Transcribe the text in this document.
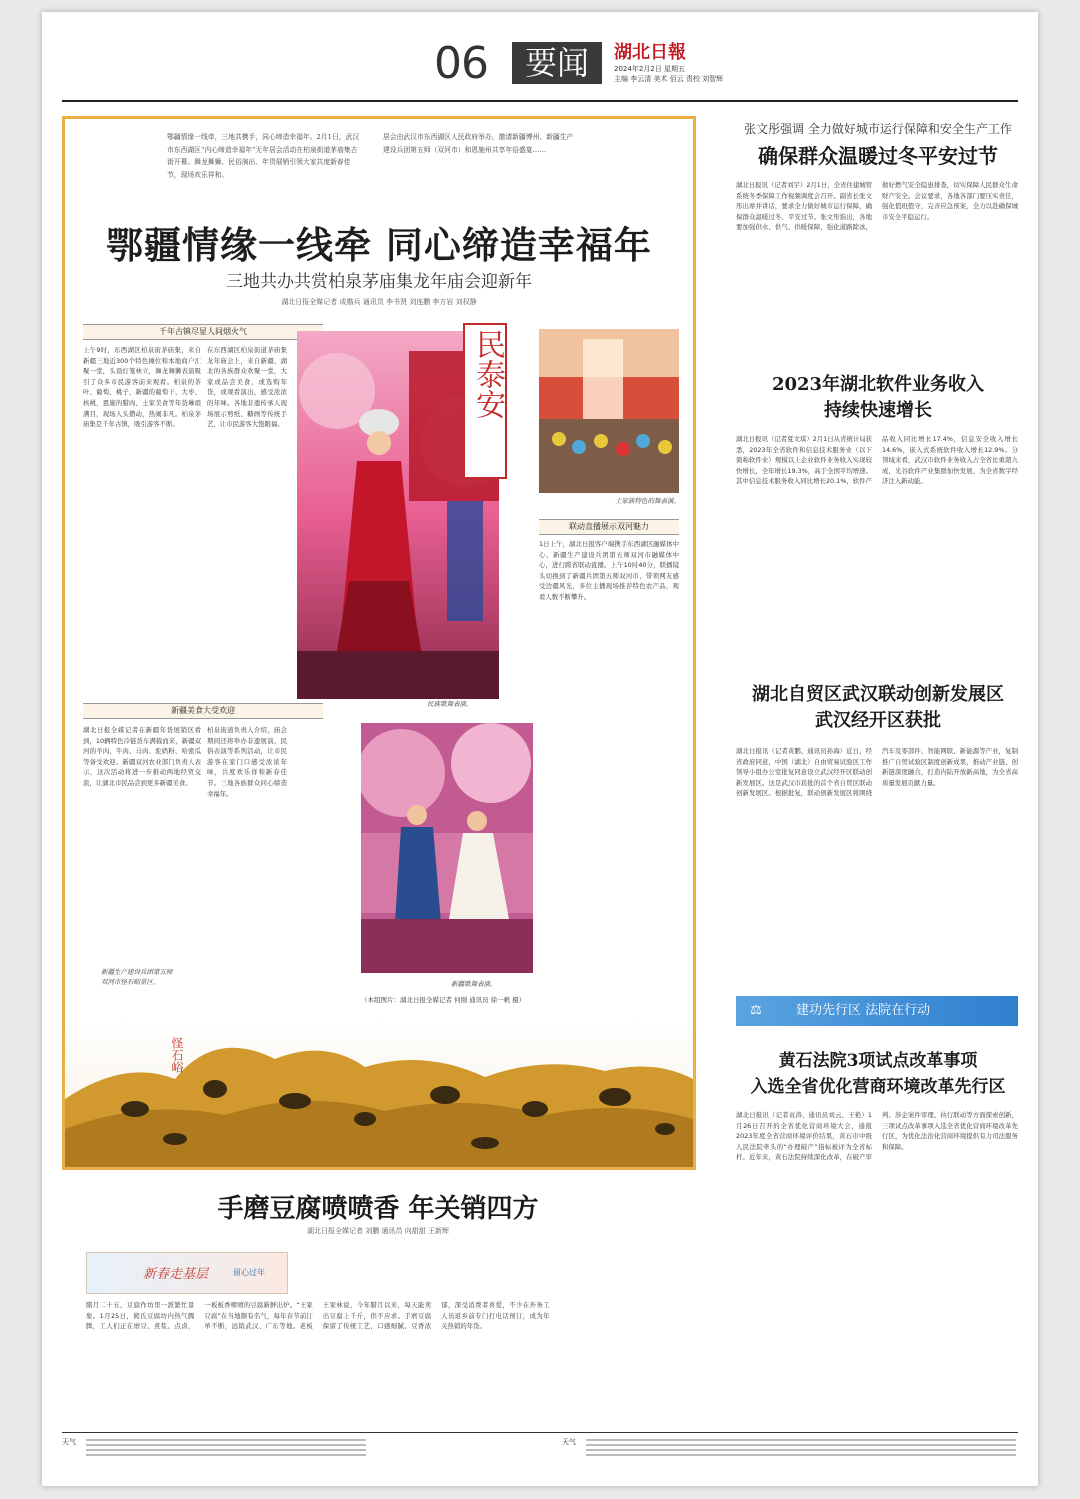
06	要闻	湖北日報
2024年2月2日 星期五
主编 李云清 美术 佰云 责校 刘智辉
鄂疆情缘一线牵，三地共携手，同心缔造幸福年。2月1日，武汉市东西湖区“内心缔造幸福年”无年居会活动在柏泉街道茅庙集古街开幕。舞龙舞狮、民俗演出、年货展销引领大家共度新春佳节，现场欢乐祥和。
居会由武汉市东西湖区人民政府举办，邀请新疆博州、新疆生产建设兵团第五师（双河市）和恩施州共享年俗盛宴……
鄂疆情缘一线牵 同心缔造幸福年
三地共办共赏柏泉茅庙集龙年庙会迎新年
湖北日报全媒记者 成楷兵 通讯员 李书贤 刘连鹏 李方岩 刘权静
千年古镇尽显人间烟火气
上午9时，东西湖区柏泉街茅庙集，来自新疆三地近300个特色摊位和本地商户汇聚一堂，头顶灯笼林立，舞龙舞狮表演吸引了众多市民游客前来观看。柏泉的茶叶、葡萄、桃子，新疆的葡萄干、大枣、核桃，恩施的腊肉、土家美食等年货琳琅满目，现场人头攒动，热闹非凡。柏泉茅庙集是千年古镇，吸引游客不断。
在东西湖区柏泉街道茅庙集龙年庙会上，来自新疆、湖北的各族群众欢聚一堂，大家或品尝美食，或选购年货，或观看演出，感受浓浓的年味。各地非遗传承人现场展示剪纸、糖画等传统手艺，让市民游客大饱眼福。
民族歌舞表演。
土家族特色的舞表演。
民泰安
联动直播展示双河魅力
1日上午，湖北日报客户端携手东西湖区融媒体中心、新疆生产建设兵团第五师双河市融媒体中心，进行跨省联动直播。上午10时40分，联播镜头切换到了新疆兵团第五师双河市，带领网友感受边疆风光，多位主播现场推荐特色农产品，观看人数不断攀升。
新疆美食大受欢迎
湖北日报全媒记者在新疆年货展销区看到，10辆特色冷链货车满载而来，新疆双河的羊肉、牛肉、马肉、驼奶粉、哈密瓜等备受欢迎。新疆双河农业部门负责人表示，这次活动将进一步推动两地经贸交流，让湖北市民品尝到更多新疆美食。
柏泉街道负责人介绍，庙会期间还将举办非遗展演、民俗表演等系列活动，让市民游客在家门口感受浓浓年味，共度欢乐祥和新春佳节。三地各族群众同心缔造幸福年。
新疆歌舞表演。
（本组图片：湖北日报全媒记者 何刚 通讯员 徐一帆 摄）
新疆生产建设兵团第五师双河市怪石峪景区。
怪石峪
张文彤强调 全力做好城市运行保障和安全生产工作
确保群众温暖过冬平安过节
湖北日报讯（记者刘宇）2月1日，全省住建城管系统冬季保障工作视频调度会召开。副省长张文彤出席并讲话，要求全力做好城市运行保障，确保群众温暖过冬、平安过节。张文彤指出，各地要加强供水、供气、供暖保障，强化道路除冰，做好燃气安全隐患排查，切实保障人民群众生命财产安全。会议要求，各地各部门要压实责任，强化值班值守，完善应急预案，全力以赴确保城市安全平稳运行。
2023年湖北软件业务收入
持续快速增长
湖北日报讯（记者夏文琪）2月1日从省统计局获悉，2023年全省软件和信息技术服务业（以下简称软件业）规模以上企业软件业务收入实现较快增长，全年增长19.3%，高于全国平均增速。其中信息技术服务收入同比增长20.1%，软件产品收入同比增长17.4%，信息安全收入增长14.6%，嵌入式系统软件收入增长12.9%。分领域来看，武汉市软件业务收入占全省比重超九成，光谷软件产业集群加快发展，为全省数字经济注入新动能。
湖北自贸区武汉联动创新发展区
武汉经开区获批
湖北日报讯（记者黄鹏、通讯员孙海）近日，经省政府同意，中国（湖北）自由贸易试验区工作领导小组办公室批复同意设立武汉经开区联动创新发展区。这是武汉市获批的首个省自贸区联动创新发展区。根据批复，联动创新发展区将围绕汽车及零部件、智能网联、新能源等产业，复制推广自贸试验区制度创新成果，推动产业链、创新链深度融合，打造内陆开放新高地，为全省高质量发展贡献力量。
⚖	建功先行区 法院在行动
黄石法院3项试点改革事项
入选全省优化营商环境改革先行区
湖北日报讯（记者袁涛、通讯员刘云、王艳）1月26日召开的全省优化营商环境大会，通报2023年度全省营商环境评价结果，黄石市中级人民法院牵头的“办理破产”指标被评为全省标杆。近年来，黄石法院持续深化改革，在破产审判、涉企案件审理、执行联动等方面探索创新，三项试点改革事项入选全省优化营商环境改革先行区，为优化法治化营商环境提供有力司法服务和保障。
手磨豆腐喷喷香 年关销四方
湖北日报全媒记者 刘鹏 通讯员 向甜甜 王新辉
新春走基层	留心过年
腊月二十五，豆腐作坊里一派繁忙景象。1月25日，熊氏豆腐坊内热气腾腾，工人们正在磨豆、煮浆、点卤，一板板香喷喷的豆腐新鲜出炉。“王家豆腐”在当地颇有名气，每年春节前订单不断，远销武汉、广东等地。老板王家林说，今年腊月以来，每天能卖出豆腐上千斤，供不应求。手磨豆腐保留了传统工艺，口感细腻、豆香浓郁，深受消费者喜爱，不少在外务工人员返乡前专门打电话预订，成为年关热销的年货。
天气	天气
